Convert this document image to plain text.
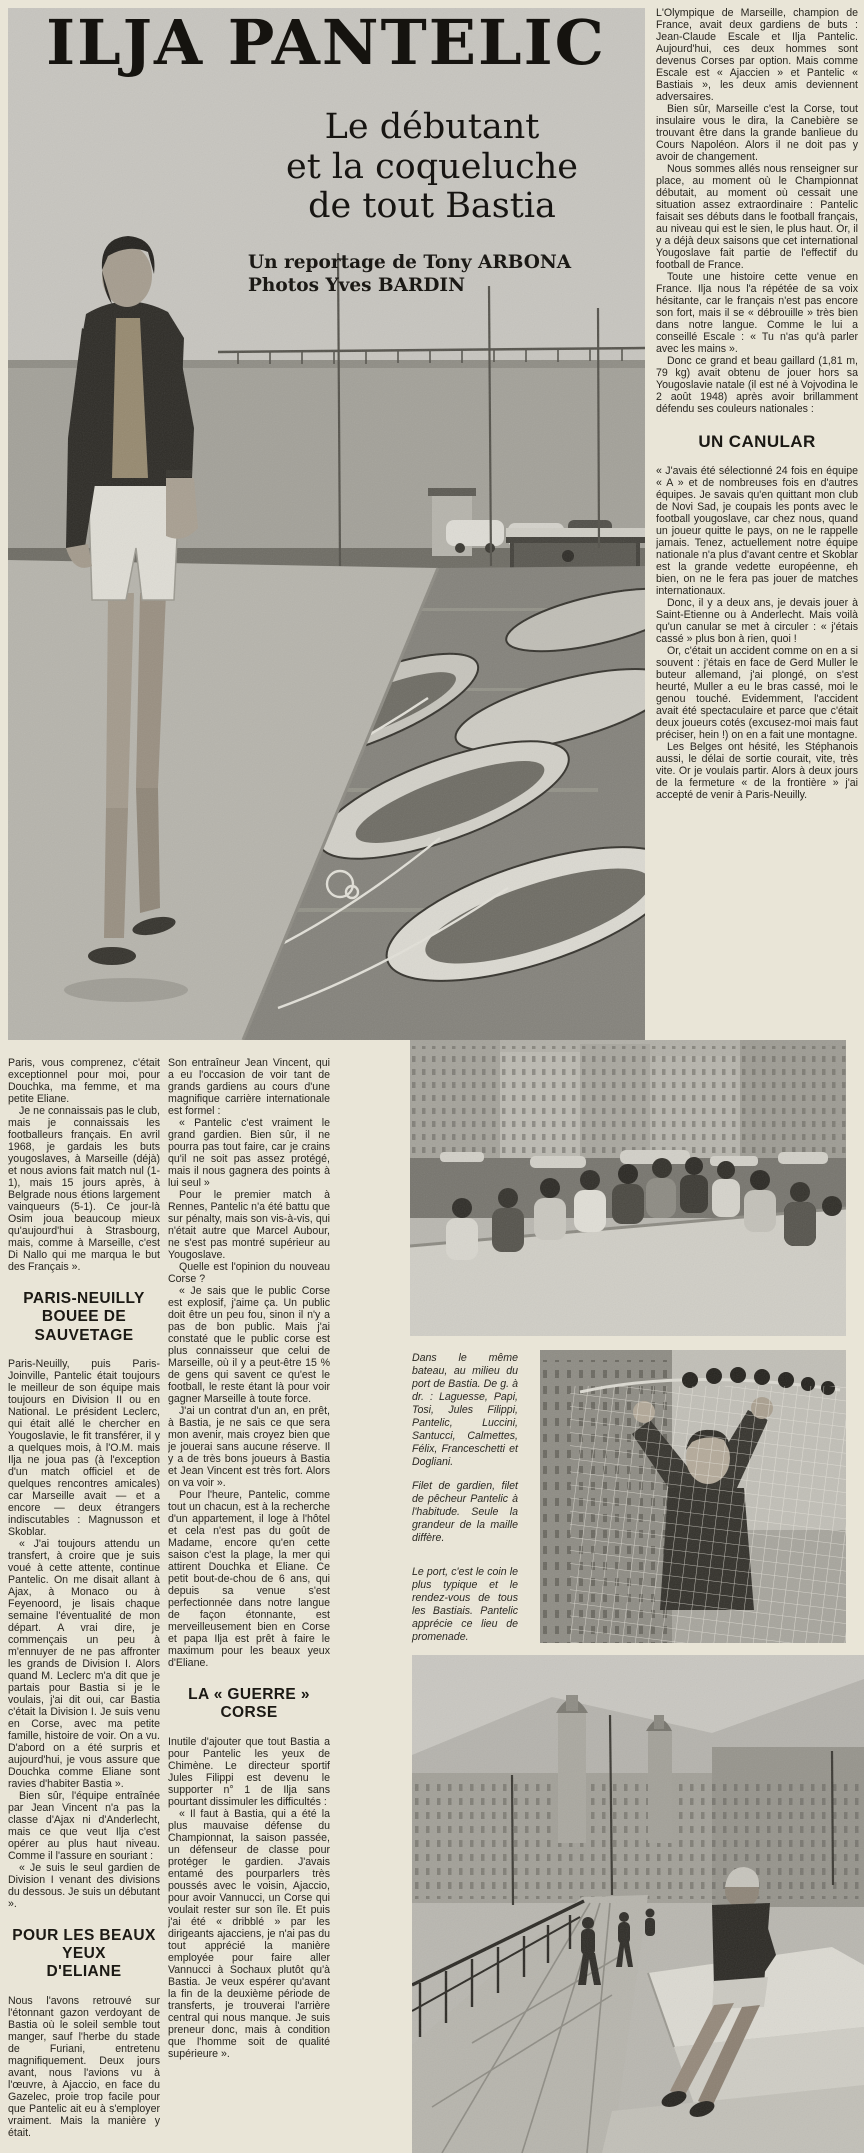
ILJA PANTELIC
Le débutant
et la coqueluche
de tout Bastia
Un reportage de Tony ARBONA
Photos Yves BARDIN

L'Olympique de Marseille, champion de France, avait deux gardiens de buts : Jean-Claude Escale et Ilja Pantelic. Aujourd'hui, ces deux hommes sont devenus Corses par option. Mais comme Escale est « Ajaccien » et Pantelic « Bastiais », les deux amis deviennent adversaires.

Bien sûr, Marseille c'est la Corse, tout insulaire vous le dira, la Canebière se trouvant être dans la grande banlieue du Cours Napoléon. Alors il ne doit pas y avoir de changement.

Nous sommes allés nous renseigner sur place, au moment où le Championnat débutait, au moment où cessait une situation assez extraordinaire : Pantelic faisait ses débuts dans le football français, au niveau qui est le sien, le plus haut. Or, il y a déjà deux saisons que cet international Yougoslave fait partie de l'effectif du football de France.

Toute une histoire cette venue en France. Ilja nous l'a répétée de sa voix hésitante, car le français n'est pas encore son fort, mais il se « débrouille » très bien dans notre langue. Comme le lui a conseillé Escale : « Tu n'as qu'à parler avec les mains ».

Donc ce grand et beau gaillard (1,81 m, 79 kg) avait obtenu de jouer hors sa Yougoslavie natale (il est né à Vojvodina le 2 août 1948) après avoir brillamment défendu ses couleurs nationales :

UN CANULAR

« J'avais été sélectionné 24 fois en équipe « A » et de nombreuses fois en d'autres équipes. Je savais qu'en quittant mon club de Novi Sad, je coupais les ponts avec le football yougoslave, car chez nous, quand un joueur quitte le pays, on ne le rappelle jamais. Tenez, actuellement notre équipe nationale n'a plus d'avant centre et Skoblar est la grande vedette européenne, eh bien, on ne le fera pas jouer de matches internationaux.

Donc, il y a deux ans, je devais jouer à Saint-Etienne ou à Anderlecht. Mais voilà qu'un canular se met à circuler : « j'étais cassé » plus bon à rien, quoi !

Or, c'était un accident comme on en a si souvent : j'étais en face de Gerd Muller le buteur allemand, j'ai plongé, on s'est heurté, Muller a eu le bras cassé, moi le genou touché. Evidemment, l'accident avait été spectaculaire et parce que c'était deux joueurs cotés (excusez-moi mais faut préciser, hein !) on en a fait une montagne.

Les Belges ont hésité, les Stéphanois aussi, le délai de sortie courait, vite, très vite. Or je voulais partir. Alors à deux jours de la fermeture « de la frontière » j'ai accepté de venir à Paris-Neuilly.

Paris, vous comprenez, c'était exceptionnel pour moi, pour Douchka, ma femme, et ma petite Eliane.

Je ne connaissais pas le club, mais je connaissais les footballeurs français. En avril 1968, je gardais les buts yougoslaves, à Marseille (déjà) et nous avions fait match nul (1-1), mais 15 jours après, à Belgrade nous étions largement vainqueurs (5-1). Ce jour-là Osim joua beaucoup mieux qu'aujourd'hui à Strasbourg, mais, comme à Marseille, c'est Di Nallo qui me marqua le but des Français ».

PARIS-NEUILLY
BOUEE DE SAUVETAGE

Paris-Neuilly, puis Paris-Joinville, Pantelic était toujours le meilleur de son équipe mais toujours en Division II ou en National. Le président Leclerc, qui était allé le chercher en Yougoslavie, le fit transférer, il y a quelques mois, à l'O.M. mais Ilja ne joua pas (à l'exception d'un match officiel et de quelques rencontres amicales) car Marseille avait — et a encore — deux étrangers indiscutables : Magnusson et Skoblar.

« J'ai toujours attendu un transfert, à croire que je suis voué à cette attente, continue Pantelic. On me disait allant à Ajax, à Monaco ou à Feyenoord, je lisais chaque semaine l'éventualité de mon départ. A vrai dire, je commençais un peu à m'ennuyer de ne pas affronter les grands de Division I. Alors quand M. Leclerc m'a dit que je partais pour Bastia si je le voulais, j'ai dit oui, car Bastia c'était la Division I. Je suis venu en Corse, avec ma petite famille, histoire de voir. On a vu. D'abord on a été surpris et aujourd'hui, je vous assure que Douchka comme Eliane sont ravies d'habiter Bastia ».

Bien sûr, l'équipe entraînée par Jean Vincent n'a pas la classe d'Ajax ni d'Anderlecht, mais ce que veut Ilja c'est opérer au plus haut niveau. Comme il l'assure en souriant :

« Je suis le seul gardien de Division I venant des divisions du dessous. Je suis un débutant ».

POUR LES BEAUX YEUX
D'ELIANE

Nous l'avons retrouvé sur l'étonnant gazon verdoyant de Bastia où le soleil semble tout manger, sauf l'herbe du stade de Furiani, entretenu magnifiquement. Deux jours avant, nous l'avions vu à l'œuvre, à Ajaccio, en face du Gazelec, proie trop facile pour que Pantelic ait eu à s'employer vraiment. Mais la manière y était.

Son entraîneur Jean Vincent, qui a eu l'occasion de voir tant de grands gardiens au cours d'une magnifique carrière internationale est formel :

« Pantelic c'est vraiment le grand gardien. Bien sûr, il ne pourra pas tout faire, car je crains qu'il ne soit pas assez protégé, mais il nous gagnera des points à lui seul »

Pour le premier match à Rennes, Pantelic n'a été battu que sur pénalty, mais son vis-à-vis, qui n'était autre que Marcel Aubour, ne s'est pas montré supérieur au Yougoslave.

Quelle est l'opinion du nouveau Corse ?

« Je sais que le public Corse est explosif, j'aime ça. Un public doit être un peu fou, sinon il n'y a pas de bon public. Mais j'ai constaté que le public corse est plus connaisseur que celui de Marseille, où il y a peut-être 15 % de gens qui savent ce qu'est le football, le reste étant là pour voir gagner Marseille à toute force.

J'ai un contrat d'un an, en prêt, à Bastia, je ne sais ce que sera mon avenir, mais croyez bien que je jouerai sans aucune réserve. Il y a de très bons joueurs à Bastia et Jean Vincent est très fort. Alors on va voir ».

Pour l'heure, Pantelic, comme tout un chacun, est à la recherche d'un appartement, il loge à l'hôtel et cela n'est pas du goût de Madame, encore qu'en cette saison c'est la plage, la mer qui attirent Douchka et Eliane. Ce petit bout-de-chou de 6 ans, qui depuis sa venue s'est perfectionnée dans notre langue de façon étonnante, est merveilleusement bien en Corse et papa Ilja est prêt à faire le maximum pour les beaux yeux d'Eliane.

LA « GUERRE » CORSE

Inutile d'ajouter que tout Bastia a pour Pantelic les yeux de Chimène. Le directeur sportif Jules Filippi est devenu le supporter n° 1 de Ilja sans pourtant dissimuler les difficultés :

« Il faut à Bastia, qui a été la plus mauvaise défense du Championnat, la saison passée, un défenseur de classe pour protéger le gardien. J'avais entamé des pourparlers très poussés avec le voisin, Ajaccio, pour avoir Vannucci, un Corse qui voulait rester sur son île. Et puis j'ai été « dribblé » par les dirigeants ajacciens, je n'ai pas du tout apprécié la manière employée pour faire aller Vannucci à Sochaux plutôt qu'à Bastia. Je veux espérer qu'avant la fin de la deuxième période de transferts, je trouverai l'arrière central qui nous manque. Je suis preneur donc, mais à condition que l'homme soit de qualité supérieure ».

Dans le même bateau, au milieu du port de Bastia. De g. à dr. : Laguesse, Papi, Tosi, Jules Filippi, Pantelic, Luccini, Santucci, Calmettes, Félix, Franceschetti et Dogliani.
Filet de gardien, filet de pêcheur Pantelic à l'habitude. Seule la grandeur de la maille diffère.
Le port, c'est le coin le plus typique et le rendez-vous de tous les Bastiais. Pantelic apprécie ce lieu de promenade.
